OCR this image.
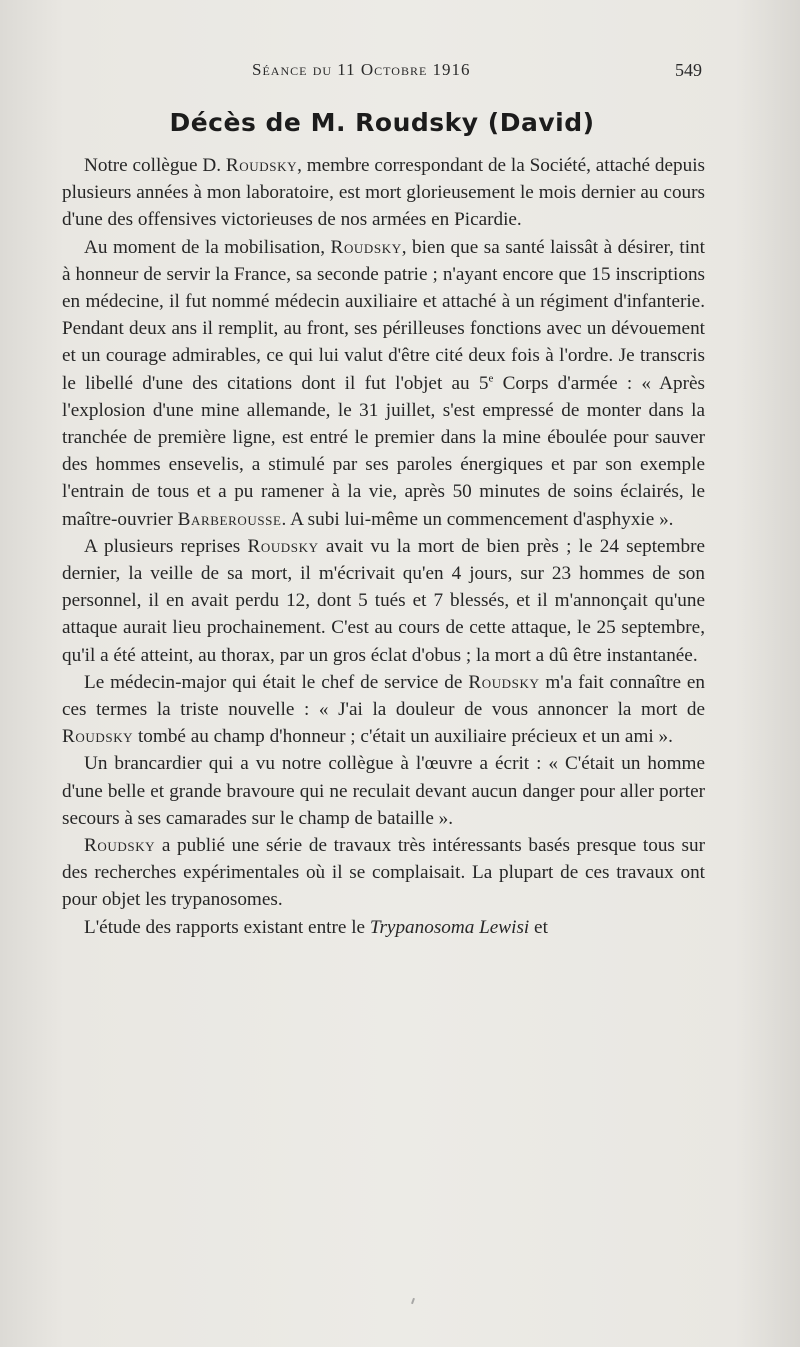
Séance du 11 Octobre 1916	549
Décès de M. Roudsky (David)

Notre collègue D. Roudsky, membre correspondant de la Société, attaché depuis plusieurs années à mon laboratoire, est mort glorieusement le mois dernier au cours d'une des offensives victorieuses de nos armées en Picardie.

Au moment de la mobilisation, Roudsky, bien que sa santé laissât à désirer, tint à honneur de servir la France, sa seconde patrie ; n'ayant encore que 15 inscriptions en médecine, il fut nommé médecin auxiliaire et attaché à un régiment d'infanterie. Pendant deux ans il remplit, au front, ses périlleuses fonctions avec un dévouement et un courage admirables, ce qui lui valut d'être cité deux fois à l'ordre. Je transcris le libellé d'une des citations dont il fut l'objet au 5e Corps d'armée : « Après l'explosion d'une mine allemande, le 31 juillet, s'est empressé de monter dans la tranchée de première ligne, est entré le premier dans la mine éboulée pour sauver des hommes ensevelis, a stimulé par ses paroles énergiques et par son exemple l'entrain de tous et a pu ramener à la vie, après 50 minutes de soins éclairés, le maître-ouvrier Barberousse. A subi lui-même un commencement d'asphyxie ».

A plusieurs reprises Roudsky avait vu la mort de bien près ; le 24 septembre dernier, la veille de sa mort, il m'écrivait qu'en 4 jours, sur 23 hommes de son personnel, il en avait perdu 12, dont 5 tués et 7 blessés, et il m'annonçait qu'une attaque aurait lieu prochainement. C'est au cours de cette attaque, le 25 septembre, qu'il a été atteint, au thorax, par un gros éclat d'obus ; la mort a dû être instantanée.

Le médecin-major qui était le chef de service de Roudsky m'a fait connaître en ces termes la triste nouvelle : « J'ai la douleur de vous annoncer la mort de Roudsky tombé au champ d'honneur ; c'était un auxiliaire précieux et un ami ».

Un brancardier qui a vu notre collègue à l'œuvre a écrit : « C'était un homme d'une belle et grande bravoure qui ne reculait devant aucun danger pour aller porter secours à ses camarades sur le champ de bataille ».

Roudsky a publié une série de travaux très intéressants basés presque tous sur des recherches expérimentales où il se complaisait. La plupart de ces travaux ont pour objet les trypanosomes.

L'étude des rapports existant entre le Trypanosoma Lewisi et
